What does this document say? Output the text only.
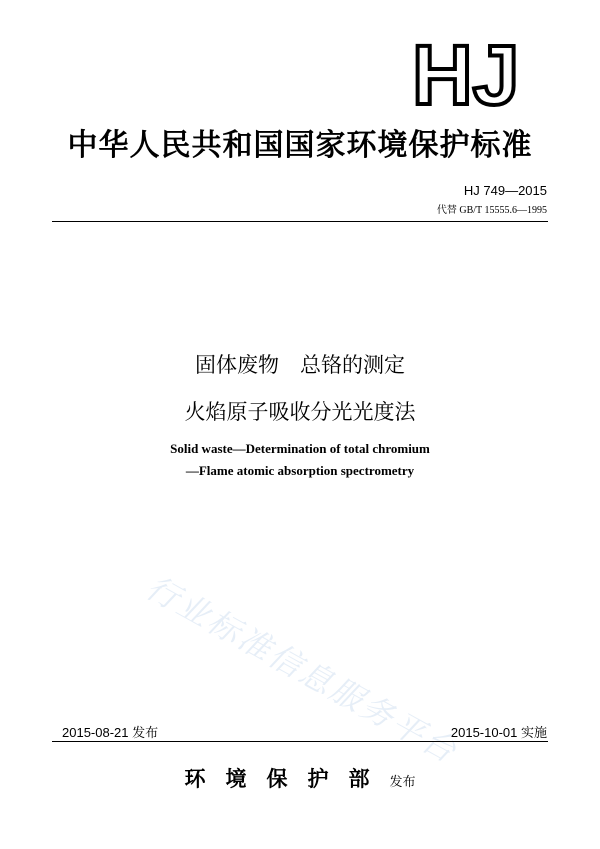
HJ
中华人民共和国国家环境保护标准
HJ 749—2015
代替 GB/T 15555.6—1995
固体废物　总铬的测定
火焰原子吸收分光光度法
Solid waste—Determination of total chromium
—Flame atomic absorption spectrometry
行业标准信息服务平台
2015-08-21 发布	2015-10-01 实施
环境保护部发布
